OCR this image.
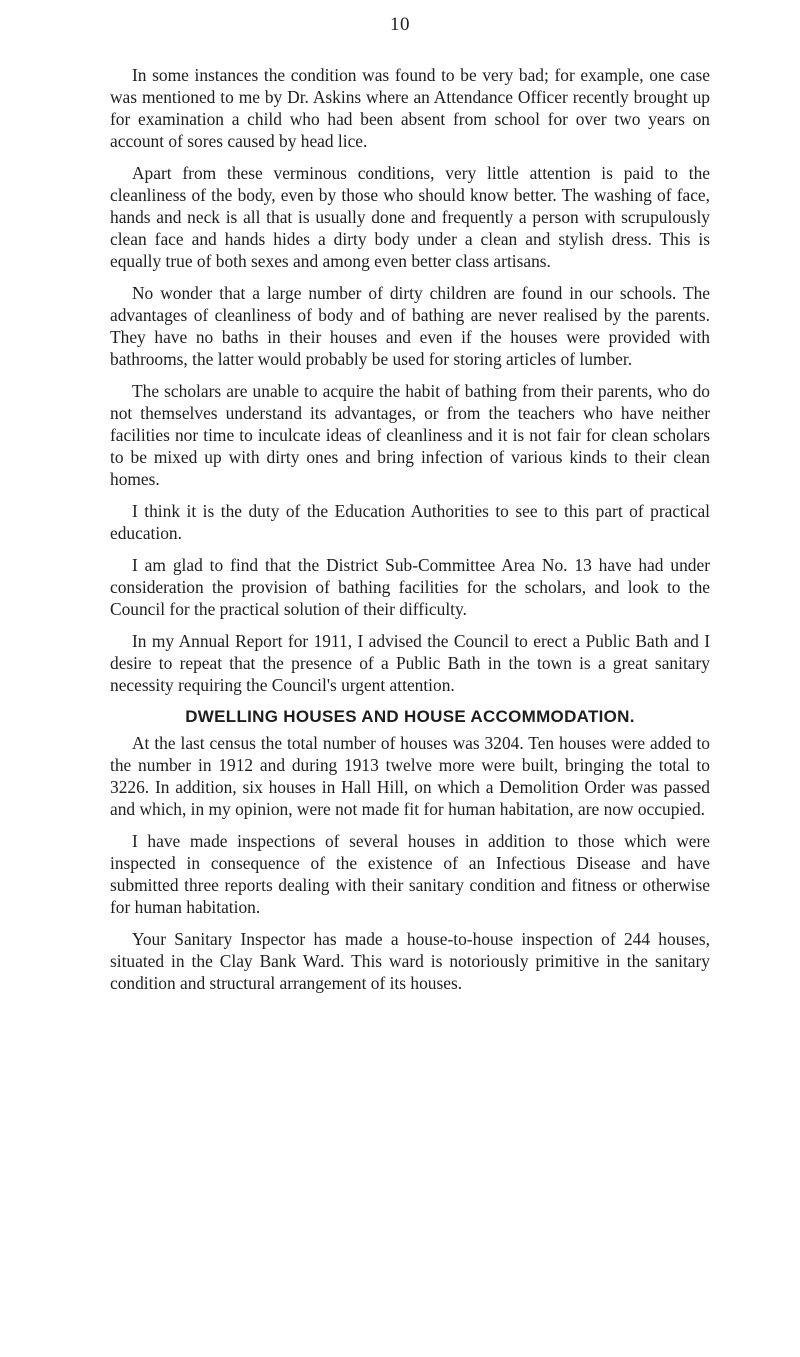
10

In some instances the condition was found to be very bad; for example, one case was mentioned to me by Dr. Askins where an Attendance Officer recently brought up for examination a child who had been absent from school for over two years on account of sores caused by head lice.

Apart from these verminous conditions, very little attention is paid to the cleanliness of the body, even by those who should know better. The washing of face, hands and neck is all that is usually done and frequently a person with scrupulously clean face and hands hides a dirty body under a clean and stylish dress. This is equally true of both sexes and among even better class artisans.

No wonder that a large number of dirty children are found in our schools. The advantages of cleanliness of body and of bathing are never realised by the parents. They have no baths in their houses and even if the houses were provided with bathrooms, the latter would probably be used for storing articles of lumber.

The scholars are unable to acquire the habit of bathing from their parents, who do not themselves understand its advantages, or from the teachers who have neither facilities nor time to inculcate ideas of cleanliness and it is not fair for clean scholars to be mixed up with dirty ones and bring infection of various kinds to their clean homes.

I think it is the duty of the Education Authorities to see to this part of practical education.

I am glad to find that the District Sub-Committee Area No. 13 have had under consideration the provision of bathing facilities for the scholars, and look to the Council for the practical solution of their difficulty.

In my Annual Report for 1911, I advised the Council to erect a Public Bath and I desire to repeat that the presence of a Public Bath in the town is a great sanitary necessity requiring the Council's urgent attention.

DWELLING HOUSES AND HOUSE ACCOMMODATION.

At the last census the total number of houses was 3204. Ten houses were added to the number in 1912 and during 1913 twelve more were built, bringing the total to 3226. In addition, six houses in Hall Hill, on which a Demolition Order was passed and which, in my opinion, were not made fit for human habitation, are now occupied.

I have made inspections of several houses in addition to those which were inspected in consequence of the existence of an Infectious Disease and have submitted three reports dealing with their sanitary condition and fitness or otherwise for human habitation.

Your Sanitary Inspector has made a house-to-house inspection of 244 houses, situated in the Clay Bank Ward. This ward is notoriously primitive in the sanitary condition and structural arrangement of its houses.
